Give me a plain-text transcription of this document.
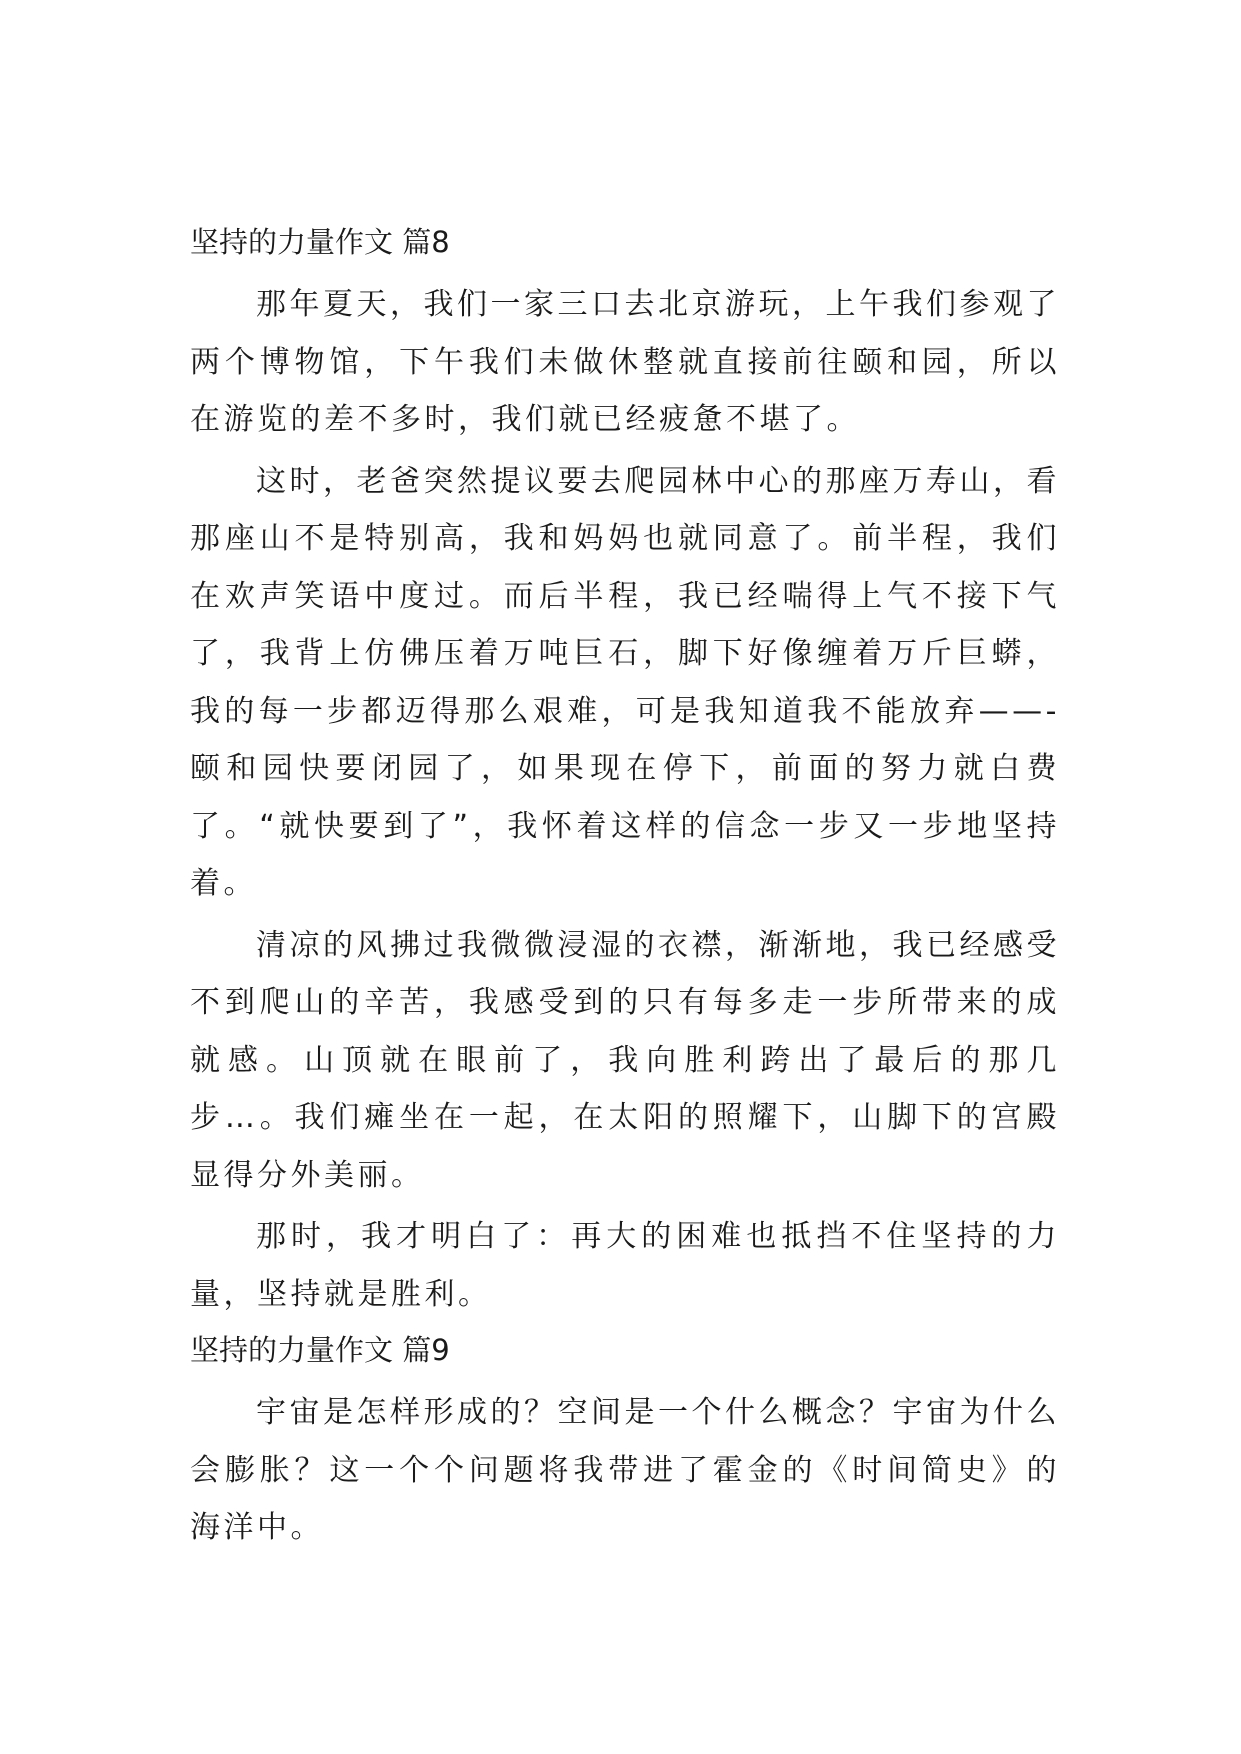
坚持的力量作文 篇8

那年夏天，我们一家三口去北京游玩，上午我们参观了两个博物馆，下午我们未做休整就直接前往颐和园，所以在游览的差不多时，我们就已经疲惫不堪了。

这时，老爸突然提议要去爬园林中心的那座万寿山，看那座山不是特别高，我和妈妈也就同意了。前半程，我们在欢声笑语中度过。而后半程，我已经喘得上气不接下气了，我背上仿佛压着万吨巨石，脚下好像缠着万斤巨蟒，我的每一步都迈得那么艰难，可是我知道我不能放弃——-颐和园快要闭园了，如果现在停下，前面的努力就白费了。“就快要到了”，我怀着这样的信念一步又一步地坚持着。

清凉的风拂过我微微浸湿的衣襟，渐渐地，我已经感受不到爬山的辛苦，我感受到的只有每多走一步所带来的成就感。山顶就在眼前了，我向胜利跨出了最后的那几步…。我们瘫坐在一起，在太阳的照耀下，山脚下的宫殿显得分外美丽。

那时，我才明白了：再大的困难也抵挡不住坚持的力量，坚持就是胜利。

坚持的力量作文 篇9

宇宙是怎样形成的？空间是一个什么概念？宇宙为什么会膨胀？这一个个问题将我带进了霍金的《时间简史》的海洋中。
